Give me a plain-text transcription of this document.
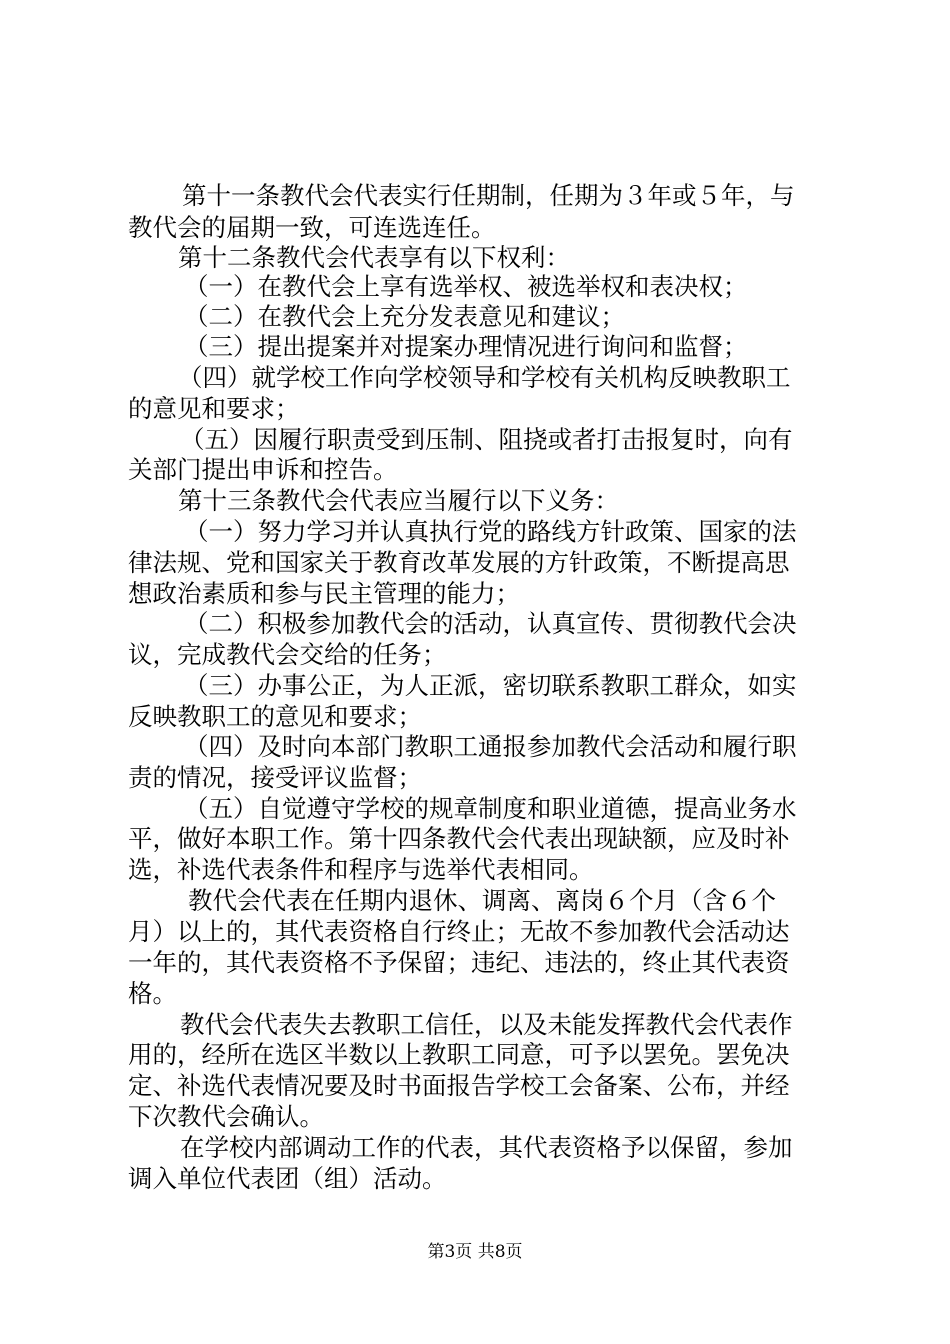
第十一条教代会代表实行任期制，任期为３年或５年，与
教代会的届期一致，可连选连任。
第十二条教代会代表享有以下权利：
（一）在教代会上享有选举权、被选举权和表决权；
（二）在教代会上充分发表意见和建议；
（三）提出提案并对提案办理情况进行询问和监督；
（四）就学校工作向学校领导和学校有关机构反映教职工
的意见和要求；
（五）因履行职责受到压制、阻挠或者打击报复时，向有
关部门提出申诉和控告。
第十三条教代会代表应当履行以下义务：
（一）努力学习并认真执行党的路线方针政策、国家的法
律法规、党和国家关于教育改革发展的方针政策，不断提高思
想政治素质和参与民主管理的能力；
（二）积极参加教代会的活动，认真宣传、贯彻教代会决
议，完成教代会交给的任务；
（三）办事公正，为人正派，密切联系教职工群众，如实
反映教职工的意见和要求；
（四）及时向本部门教职工通报参加教代会活动和履行职
责的情况，接受评议监督；
（五）自觉遵守学校的规章制度和职业道德，提高业务水
平，做好本职工作。第十四条教代会代表出现缺额，应及时补
选，补选代表条件和程序与选举代表相同。
教代会代表在任期内退休、调离、离岗６个月（含６个
月）以上的，其代表资格自行终止；无故不参加教代会活动达
一年的，其代表资格不予保留；违纪、违法的，终止其代表资
格。
教代会代表失去教职工信任，以及未能发挥教代会代表作
用的，经所在选区半数以上教职工同意，可予以罢免。罢免决
定、补选代表情况要及时书面报告学校工会备案、公布，并经
下次教代会确认。
在学校内部调动工作的代表，其代表资格予以保留，参加
调入单位代表团（组）活动。
第3页 共8页
